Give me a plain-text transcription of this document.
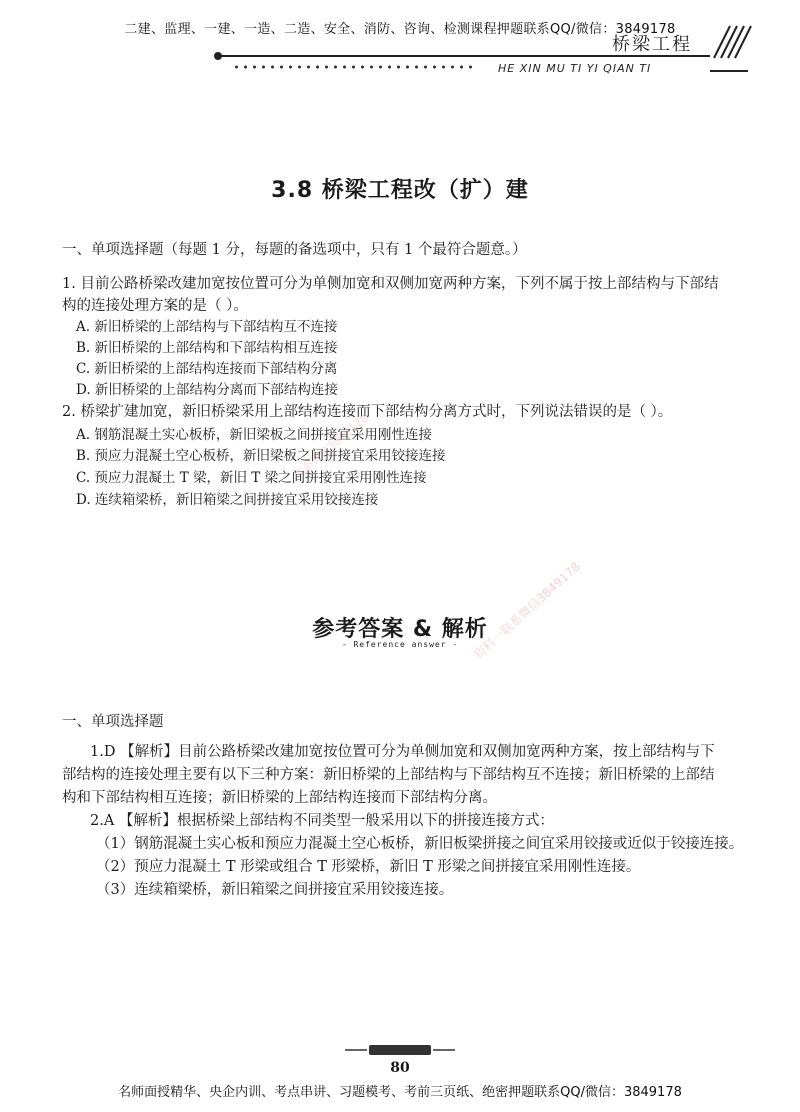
二建、监理、一建、一造、二造、安全、消防、咨询、检测课程押题联系QQ/微信：3849178
桥梁工程
HE XIN MU TI YI QIAN TI
3.8 桥梁工程改（扩）建
一、单项选择题（每题 1 分，每题的备选项中，只有 1 个最符合题意。）
1. 目前公路桥梁改建加宽按位置可分为单侧加宽和双侧加宽两种方案，下列不属于按上部结构与下部结
构的连接处理方案的是（ ）。
A. 新旧桥梁的上部结构与下部结构互不连接
B. 新旧桥梁的上部结构和下部结构相互连接
C. 新旧桥梁的上部结构连接而下部结构分离
D. 新旧桥梁的上部结构分离而下部结构连接
2. 桥梁扩建加宽，新旧桥梁采用上部结构连接而下部结构分离方式时，下列说法错误的是（ ）。
A. 钢筋混凝土实心板桥，新旧梁板之间拼接宜采用刚性连接
B. 预应力混凝土空心板桥，新旧梁板之间拼接宜采用铰接连接
C. 预应力混凝土 T 梁，新旧 T 梁之间拼接宜采用刚性连接
D. 连续箱梁桥，新旧箱梁之间拼接宜采用铰接连接
参考答案 & 解析
- Reference answer -
一、单项选择题
1.D 【解析】目前公路桥梁改建加宽按位置可分为单侧加宽和双侧加宽两种方案，按上部结构与下
部结构的连接处理主要有以下三种方案：新旧桥梁的上部结构与下部结构互不连接；新旧桥梁的上部结
构和下部结构相互连接；新旧桥梁的上部结构连接而下部结构分离。
2.A 【解析】根据桥梁上部结构不同类型一般采用以下的拼接连接方式：
（1）钢筋混凝土实心板和预应力混凝土空心板桥，新旧板梁拼接之间宜采用铰接或近似于铰接连接。
（2）预应力混凝土 T 形梁或组合 T 形梁桥，新旧 T 形梁之间拼接宜采用刚性连接。
（3）连续箱梁桥，新旧箱梁之间拼接宜采用铰接连接。
资料一联系微信3849178
联系微信3849178
80
名师面授精华、央企内训、考点串讲、习题模考、考前三页纸、绝密押题联系QQ/微信：3849178
